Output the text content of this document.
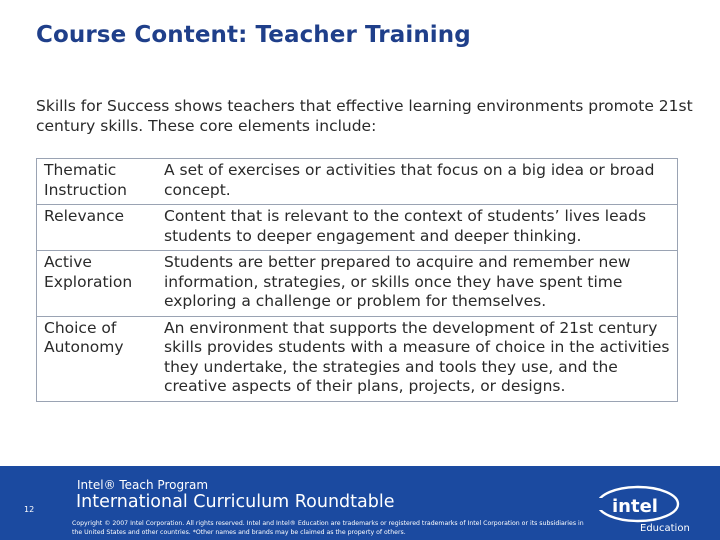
Course Content: Teacher Training
Skills for Success shows teachers that effective learning environments promote 21st century skills. These core elements include:
Thematic Instruction	A set of exercises or activities that focus on a big idea or broad concept.
Relevance	Content that is relevant to the context of students’ lives leads students to deeper engagement and deeper thinking.
Active Exploration	Students are better prepared to acquire and remember new information, strategies, or skills once they have spent time exploring a challenge or problem for themselves.
Choice of Autonomy	An environment that supports the development of 21st century skills provides students with a measure of choice in the activities they undertake, the strategies and tools they use, and the creative aspects of their plans, projects, or designs.
12
Intel® Teach Program
International Curriculum Roundtable
Copyright © 2007 Intel Corporation. All rights reserved. Intel and Intel® Education are trademarks or registered trademarks of Intel Corporation or its subsidiaries in the United States and other countries. *Other names and brands may be claimed as the property of others.
intel
Education
